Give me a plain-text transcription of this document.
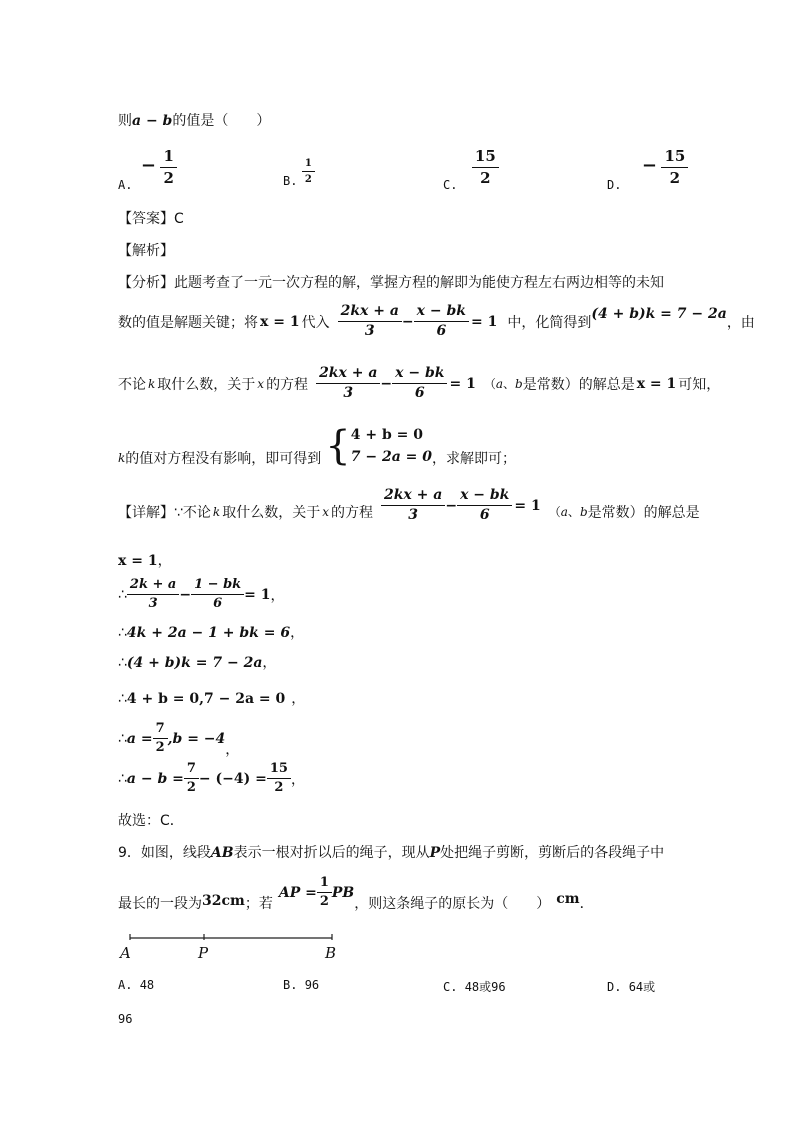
则a − b的值是（　　）
A. − $\frac{1}{2}$	B. $\frac{1}{2}$	C. $\frac{15}{2}$	D. − $\frac{15}{2}$
【答案】C
【解析】
【分析】此题考查了一元一次方程的解，掌握方程的解即为能使方程左右两边相等的未知
数的值是解题关键；将 x = 1 代入 $\frac{2kx + a}{3} - \frac{x - bk}{6} = 1$ 中，化简得到
(4 + b)k = 7 − 2a
，由
不论 k 取什么数，关于 x 的方程 $\frac{2kx + a}{3} - \frac{x - bk}{6} = 1$ （ a 、 b 是常数）的解总是 x = 1 可知，
k 的值对方程没有影响，即可得到 { 4 + b = 0
7 − 2a = 0 ，求解即可；
【详解】∵不论 k 取什么数，关于 x 的方程 $\frac{2kx + a}{3} - \frac{x - bk}{6} = 1$ （ a 、 b 是常数）的解总是
x = 1，
∴ $\frac{2k + a}{3} - \frac{1 - bk}{6} = 1$ ，
∴4k + 2a − 1 + bk = 6，
∴(4 + b)k = 7 − 2a，
∴4 + b = 0,7 − 2a = 0 ，
∴ $a = \frac{7}{2} ,b = -4$
，
∴ $a - b = \frac{7}{2} - (-4) = \frac{15}{2}$ ，
故选：C．
9．如图，线段AB表示一根对折以后的绳子，现从P处把绳子剪断，剪断后的各段绳子中
最长的一段为 32cm ；若
AP = $\frac{1}{2}$ PB
，则这条绳子的原长为（　　） cm ．
A	P	B
A. 48	B. 96	C. 48或96	D. 64或
96
